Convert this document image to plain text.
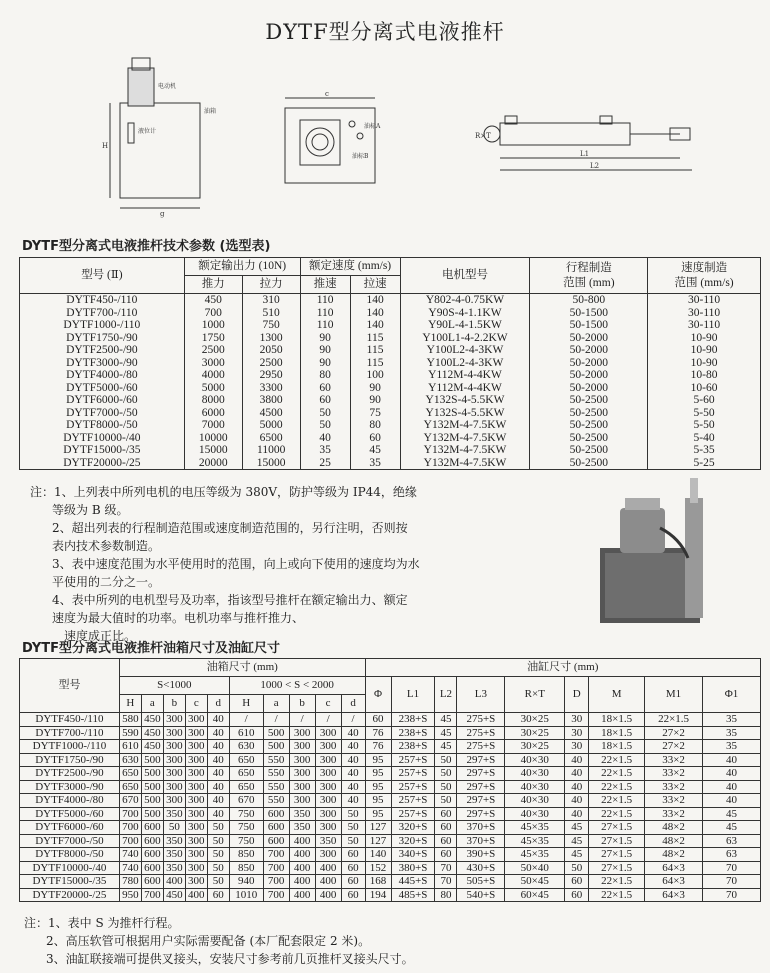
DYTF型分离式电液推杆
电动机
油箱
液位计
H
g
c
油标A
油标B
R×T
L1
L2
DYTF型分离式电液推杆技术参数 (选型表)
型号 (Ⅱ)	额定输出力 (10N)		额定速度 (mm/s)		电机型号	行程制造
范围 (mm)	速度制造
范围 (mm/s)
	推力	拉力	推速	拉速			
DYTF450-/110	450	310	110	140	Y802-4-0.75KW	50-800	30-110
DYTF700-/110	700	510	110	140	Y90S-4-1.1KW	50-1500	30-110
DYTF1000-/110	1000	750	110	140	Y90L-4-1.5KW	50-1500	30-110
DYTF1750-/90	1750	1300	90	115	Y100L1-4-2.2KW	50-2000	10-90
DYTF2500-/90	2500	2050	90	115	Y100L2-4-3KW	50-2000	10-90
DYTF3000-/90	3000	2500	90	115	Y100L2-4-3KW	50-2000	10-90
DYTF4000-/80	4000	2950	80	100	Y112M-4-4KW	50-2000	10-80
DYTF5000-/60	5000	3300	60	90	Y112M-4-4KW	50-2000	10-60
DYTF6000-/60	8000	3800	60	90	Y132S-4-5.5KW	50-2500	5-60
DYTF7000-/50	6000	4500	50	75	Y132S-4-5.5KW	50-2500	5-50
DYTF8000-/50	7000	5000	50	80	Y132M-4-7.5KW	50-2500	5-50
DYTF10000-/40	10000	6500	40	60	Y132M-4-7.5KW	50-2500	5-40
DYTF15000-/35	15000	11000	35	45	Y132M-4-7.5KW	50-2500	5-35
DYTF20000-/25	20000	15000	25	35	Y132M-4-7.5KW	50-2500	5-25

注：1、上列表中所列电机的电压等级为 380V，防护等级为 IP44，绝缘

等级为 B 级。

2、超出列表的行程制造范围或速度制造范围的，另行注明，否则按

表内技术参数制造。

3、表中速度范围为水平使用时的范围，向上或向下使用的速度均为水

平使用的二分之一。

4、表中所列的电机型号及功率，指该型号推杆在额定输出力、额定

速度为最大值时的功率。电机功率与推杆推力、

速度成正比。

DYTF型分离式电液推杆油箱尺寸及油缸尺寸
型号	油箱尺寸 (mm)										油缸尺寸 (mm)								
	S<1000					1000 < S < 2000					Φ	L1	L2	L3	R×T	D	M	M1	Φ1
	H	a	b	c	d	H	a	b	c	d									
DYTF450-/110	580	450	300	300	40	/	/	/	/	/	60	238+S	45	275+S	30×25	30	18×1.5	22×1.5	35
DYTF700-/110	590	450	300	300	40	610	500	300	300	40	76	238+S	45	275+S	30×25	30	18×1.5	27×2	35
DYTF1000-/110	610	450	300	300	40	630	500	300	300	40	76	238+S	45	275+S	30×25	30	18×1.5	27×2	35
DYTF1750-/90	630	500	300	300	40	650	550	300	300	40	95	257+S	50	297+S	40×30	40	22×1.5	33×2	40
DYTF2500-/90	650	500	300	300	40	650	550	300	300	40	95	257+S	50	297+S	40×30	40	22×1.5	33×2	40
DYTF3000-/90	650	500	300	300	40	650	550	300	300	40	95	257+S	50	297+S	40×30	40	22×1.5	33×2	40
DYTF4000-/80	670	500	300	300	40	670	550	300	300	40	95	257+S	50	297+S	40×30	40	22×1.5	33×2	40
DYTF5000-/60	700	500	350	300	40	750	600	350	300	50	95	257+S	60	297+S	40×30	40	22×1.5	33×2	45
DYTF6000-/60	700	600	50	300	50	750	600	350	300	50	127	320+S	60	370+S	45×35	45	27×1.5	48×2	45
DYTF7000-/50	700	600	350	300	50	750	600	400	350	50	127	320+S	60	370+S	45×35	45	27×1.5	48×2	63
DYTF8000-/50	740	600	350	300	50	850	700	400	300	60	140	340+S	60	390+S	45×35	45	27×1.5	48×2	63
DYTF10000-/40	740	600	350	300	50	850	700	400	400	60	152	380+S	70	430+S	50×40	50	27×1.5	64×3	70
DYTF15000-/35	780	600	400	300	50	940	700	400	400	60	168	445+S	70	505+S	50×45	60	22×1.5	64×3	70
DYTF20000-/25	950	700	450	400	60	1010	700	400	400	60	194	485+S	80	540+S	60×45	60	22×1.5	64×3	70

注：1、表中 S 为推杆行程。

2、高压软管可根据用户实际需要配备 (本厂配套限定 2 米)。

3、油缸联接端可提供叉接头，安装尺寸参考前几页推杆叉接头尺寸。
